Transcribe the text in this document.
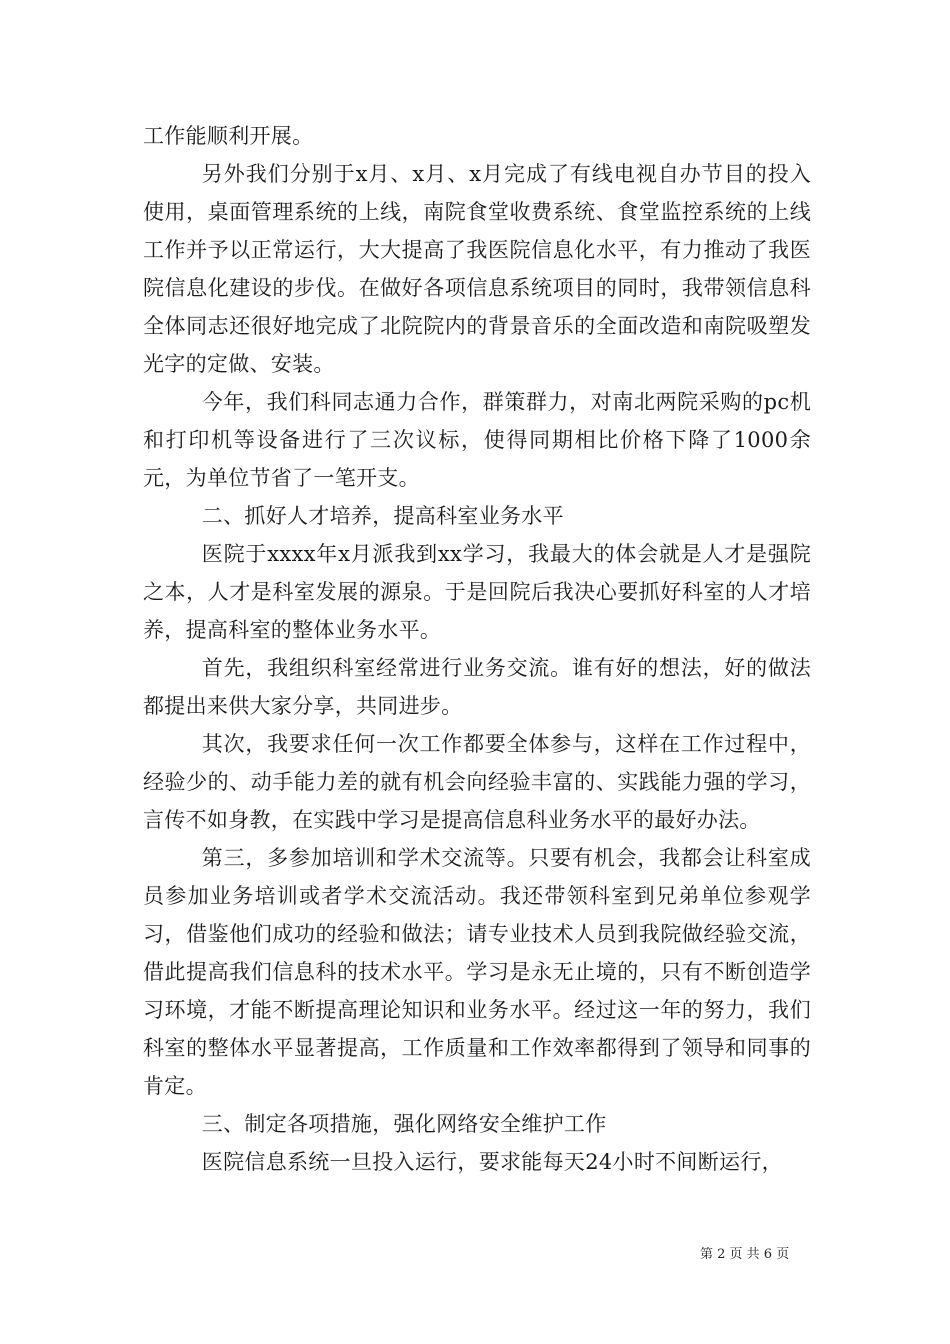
工作能顺利开展。

另外我们分别于x月、x月、x月完成了有线电视自办节目的投入使用，桌面管理系统的上线，南院食堂收费系统、食堂监控系统的上线工作并予以正常运行，大大提高了我医院信息化水平，有力推动了我医院信息化建设的步伐。在做好各项信息系统项目的同时，我带领信息科全体同志还很好地完成了北院院内的背景音乐的全面改造和南院吸塑发光字的定做、安装。

今年，我们科同志通力合作，群策群力，对南北两院采购的pc机和打印机等设备进行了三次议标，使得同期相比价格下降了1000余元，为单位节省了一笔开支。

二、抓好人才培养，提高科室业务水平

医院于xxxx年x月派我到xx学习，我最大的体会就是人才是强院之本，人才是科室发展的源泉。于是回院后我决心要抓好科室的人才培养，提高科室的整体业务水平。

首先，我组织科室经常进行业务交流。谁有好的想法，好的做法都提出来供大家分享，共同进步。

其次，我要求任何一次工作都要全体参与，这样在工作过程中，经验少的、动手能力差的就有机会向经验丰富的、实践能力强的学习，言传不如身教，在实践中学习是提高信息科业务水平的最好办法。

第三，多参加培训和学术交流等。只要有机会，我都会让科室成员参加业务培训或者学术交流活动。我还带领科室到兄弟单位参观学习，借鉴他们成功的经验和做法；请专业技术人员到我院做经验交流，借此提高我们信息科的技术水平。学习是永无止境的，只有不断创造学习环境，才能不断提高理论知识和业务水平。经过这一年的努力，我们科室的整体水平显著提高，工作质量和工作效率都得到了领导和同事的肯定。

三、制定各项措施，强化网络安全维护工作

医院信息系统一旦投入运行，要求能每天24小时不间断运行，

第 2 页 共 6 页
